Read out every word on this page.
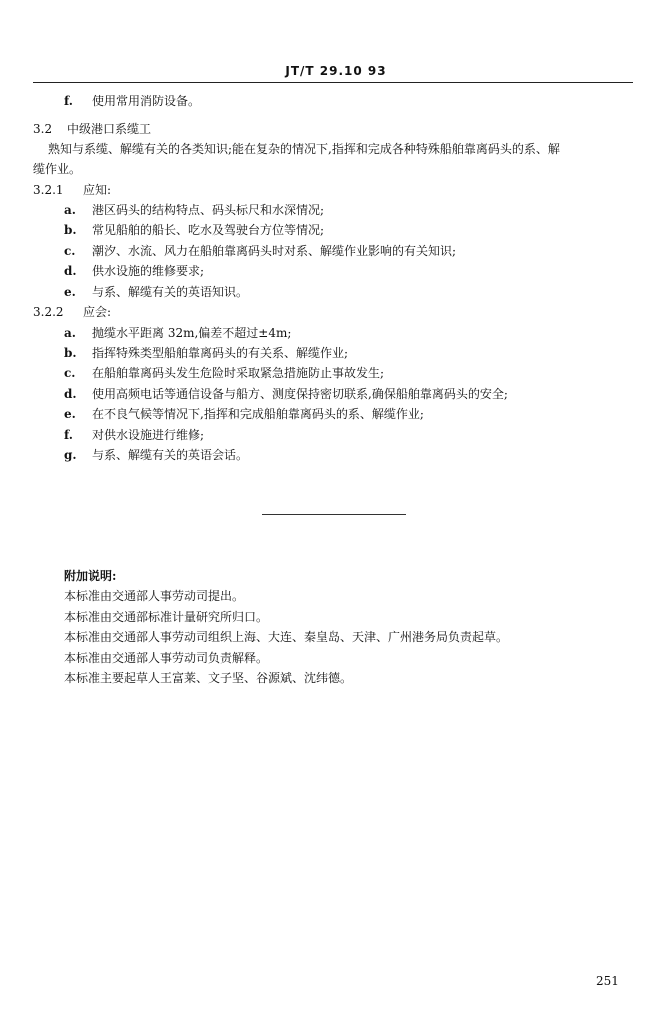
JT/T 29.10 93
f. 使用常用消防设备。
3.2 中级港口系缆工
熟知与系缆、解缆有关的各类知识;能在复杂的情况下,指挥和完成各种特殊船舶靠离码头的系、解
缆作业。
3.2.1 应知:
a. 港区码头的结构特点、码头标尺和水深情况;
b. 常见船舶的船长、吃水及驾驶台方位等情况;
c. 潮汐、水流、风力在船舶靠离码头时对系、解缆作业影响的有关知识;
d. 供水设施的维修要求;
e. 与系、解缆有关的英语知识。
3.2.2 应会:
a. 抛缆水平距离 32m,偏差不超过±4m;
b. 指挥特殊类型船舶靠离码头的有关系、解缆作业;
c. 在船舶靠离码头发生危险时采取紧急措施防止事故发生;
d. 使用高频电话等通信设备与船方、测度保持密切联系,确保船舶靠离码头的安全;
e. 在不良气候等情况下,指挥和完成船舶靠离码头的系、解缆作业;
f. 对供水设施进行维修;
g. 与系、解缆有关的英语会话。
附加说明:
本标准由交通部人事劳动司提出。
本标准由交通部标准计量研究所归口。
本标准由交通部人事劳动司组织上海、大连、秦皇岛、天津、广州港务局负责起草。
本标准由交通部人事劳动司负责解释。
本标准主要起草人王富莱、文子坚、谷源斌、沈纬德。
251
